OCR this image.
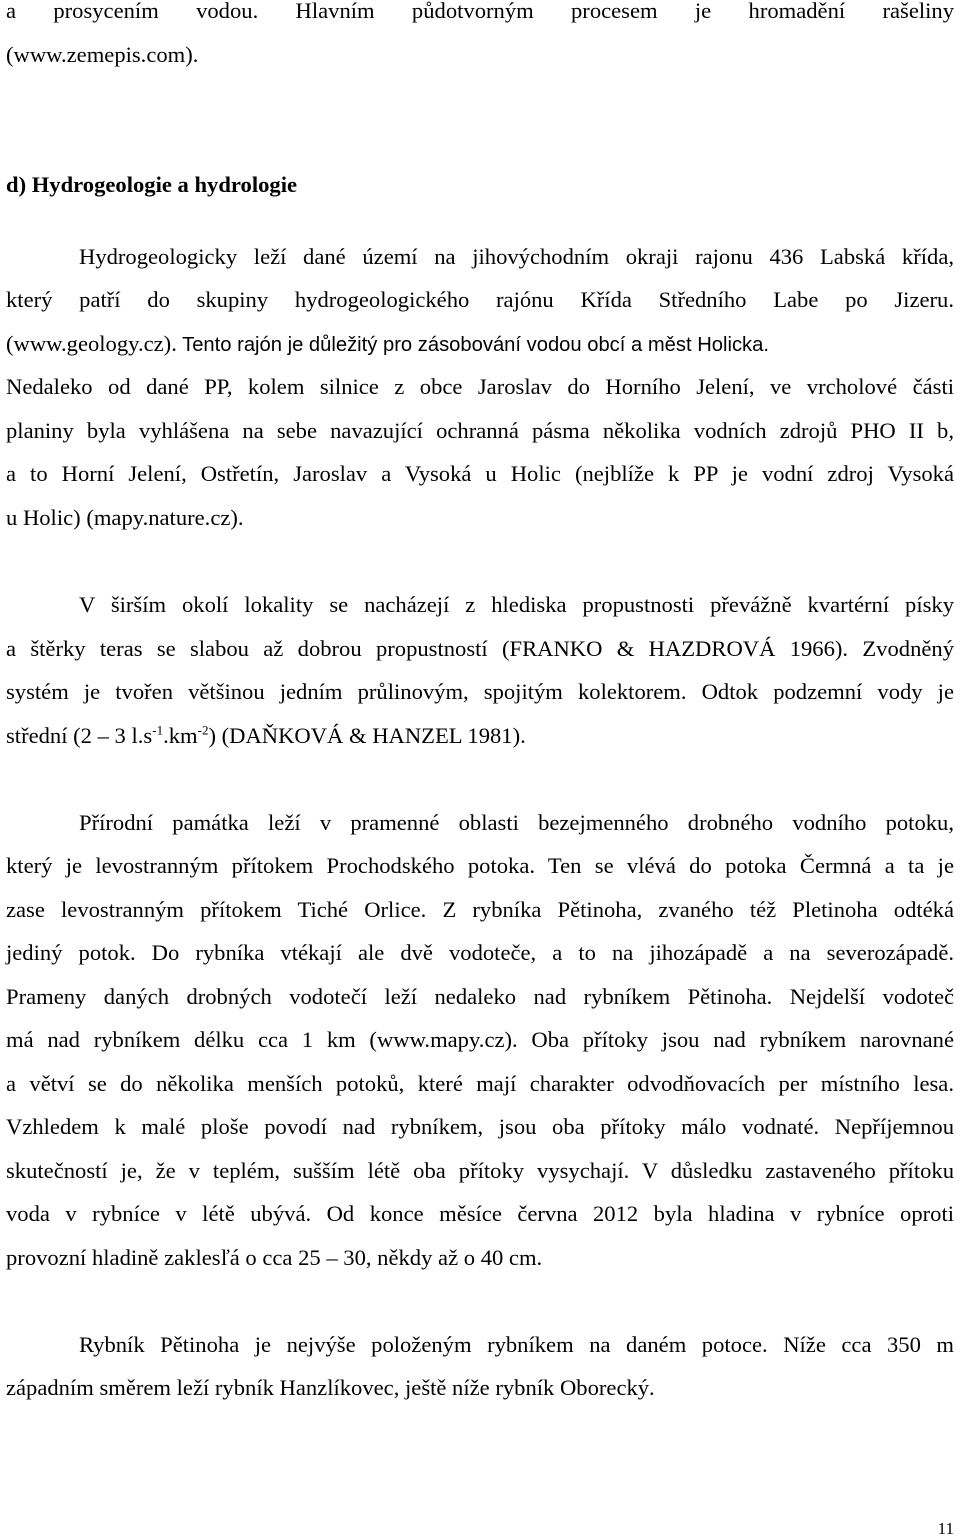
a prosycením vodou. Hlavním půdotvorným procesem je hromadění rašeliny
(www.zemepis.com).
d) Hydrogeologie a hydrologie
Hydrogeologicky leží dané území na jihovýchodním okraji rajonu 436 Labská křída,
který patří do skupiny hydrogeologického rajónu Křída Středního Labe po Jizeru.
(www.geology.cz). Tento rajón je důležitý pro zásobování vodou obcí a měst Holicka.
Nedaleko od dané PP, kolem silnice z obce Jaroslav do Horního Jelení, ve vrcholové části
planiny byla vyhlášena na sebe navazující ochranná pásma několika vodních zdrojů PHO II b,
a to Horní Jelení, Ostřetín, Jaroslav a Vysoká u Holic (nejblíže k PP je vodní zdroj Vysoká
u Holic) (mapy.nature.cz).
V širším okolí lokality se nacházejí z hlediska propustnosti převážně kvartérní písky
a štěrky teras se slabou až dobrou propustností (FRANKO & HAZDROVÁ 1966). Zvodněný
systém je tvořen většinou jedním průlinovým, spojitým kolektorem. Odtok podzemní vody je
střední (2 – 3 $l.s^{-1}.km^{-2}$) (DAŇKOVÁ & HANZEL 1981).
Přírodní památka leží v pramenné oblasti bezejmenného drobného vodního potoku,
který je levostranným přítokem Prochodského potoka. Ten se vlévá do potoka Čermná a ta je
zase levostranným přítokem Tiché Orlice. Z rybníka Pětinoha, zvaného též Pletinoha odtéká
jediný potok. Do rybníka vtékají ale dvě vodoteče, a to na jihozápadě a na severozápadě.
Prameny daných drobných vodotečí leží nedaleko nad rybníkem Pětinoha. Nejdelší vodoteč
má nad rybníkem délku cca 1 km (www.mapy.cz). Oba přítoky jsou nad rybníkem narovnané
a větví se do několika menších potoků, které mají charakter odvodňovacích per místního lesa.
Vzhledem k malé ploše povodí nad rybníkem, jsou oba přítoky málo vodnaté. Nepříjemnou
skutečností je, že v teplém, sušším létě oba přítoky vysychají. V důsledku zastaveného přítoku
voda v rybníce v létě ubývá. Od konce měsíce června 2012 byla hladina v rybníce oproti
provozní hladině zaklesľá o cca 25 – 30, někdy až o 40 cm.
Rybník Pětinoha je nejvýše položeným rybníkem na daném potoce. Níže cca 350 m
západním směrem leží rybník Hanzlíkovec, ještě níže rybník Oborecký.
11
